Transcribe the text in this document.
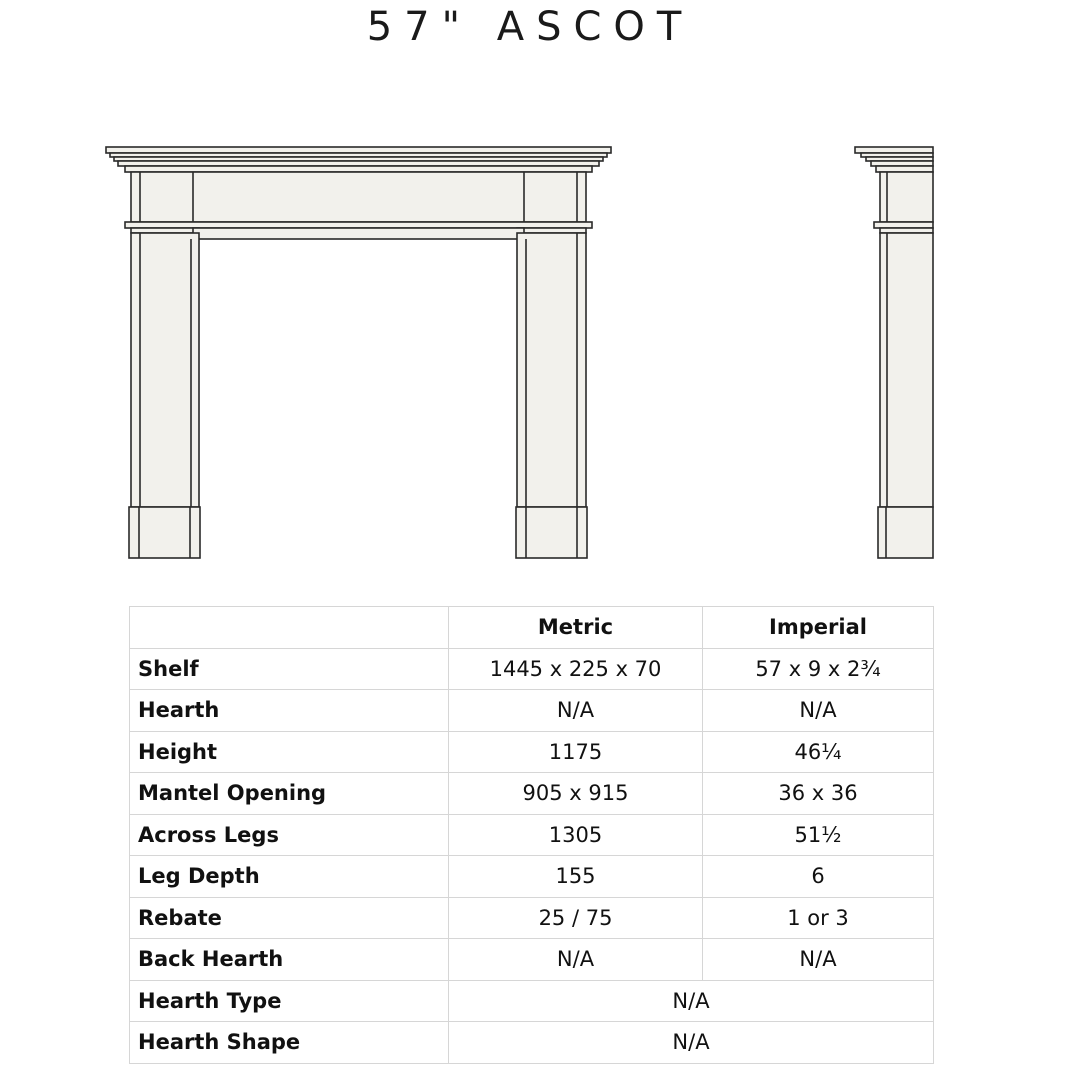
57" ASCOT
	Metric	Imperial
Shelf	1445 x 225 x 70	57 x 9 x 2¾
Hearth	N/A	N/A
Height	1175	46¼
Mantel Opening	905 x 915	36 x 36
Across Legs	1305	51½
Leg Depth	155	6
Rebate	25 / 75	1 or 3
Back Hearth	N/A	N/A
Hearth Type	N/A	
Hearth Shape	N/A	
